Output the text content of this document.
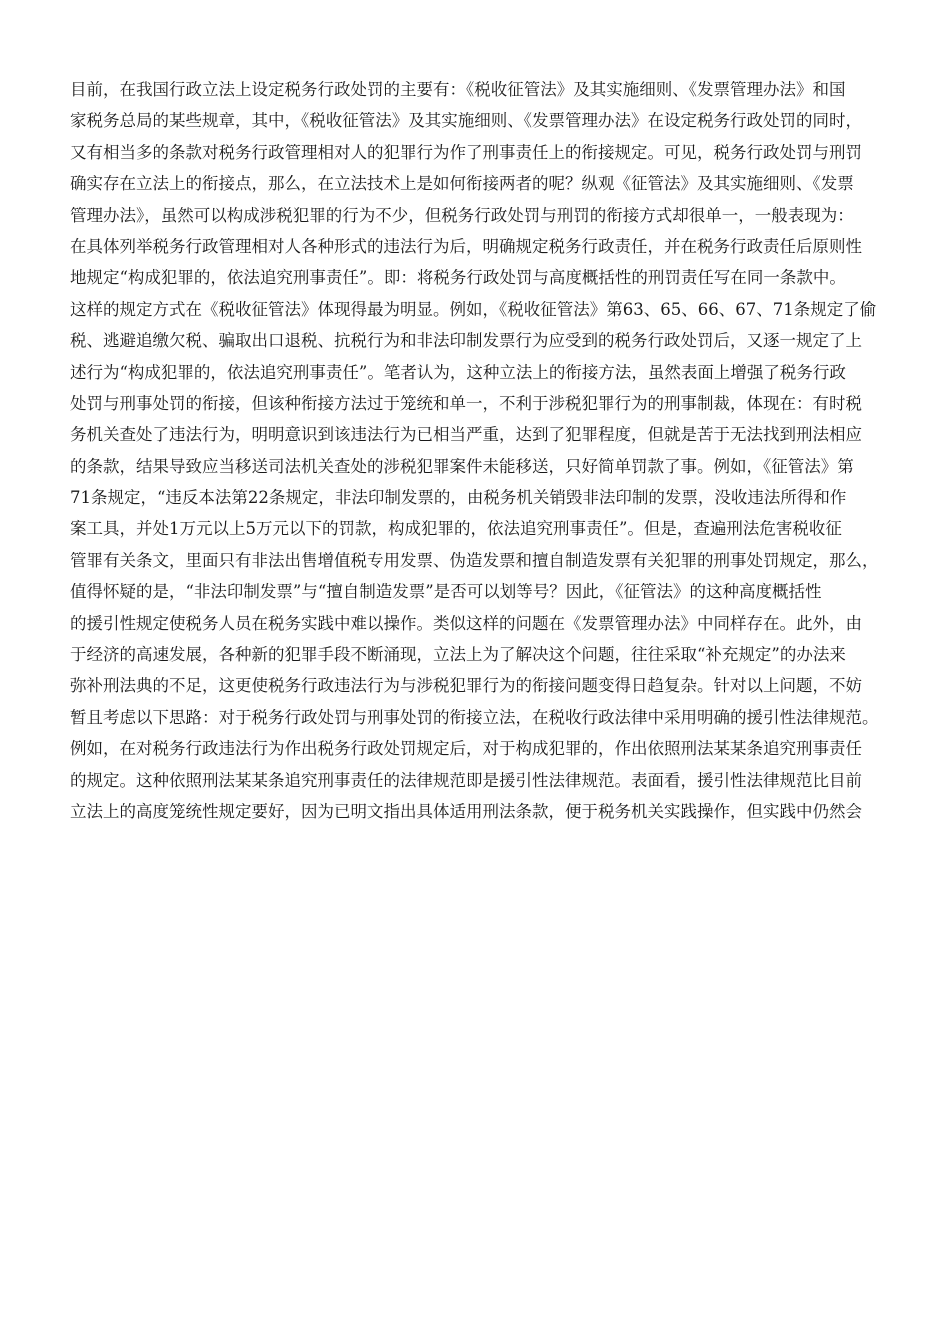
目前，在我国行政立法上设定税务行政处罚的主要有：《税收征管法》及其实施细则、《发票管理办法》和国
家税务总局的某些规章，其中，《税收征管法》及其实施细则、《发票管理办法》在设定税务行政处罚的同时，
又有相当多的条款对税务行政管理相对人的犯罪行为作了刑事责任上的衔接规定。可见，税务行政处罚与刑罚
确实存在立法上的衔接点，那么，在立法技术上是如何衔接两者的呢？纵观《征管法》及其实施细则、《发票
管理办法》，虽然可以构成涉税犯罪的行为不少，但税务行政处罚与刑罚的衔接方式却很单一，一般表现为：
在具体列举税务行政管理相对人各种形式的违法行为后，明确规定税务行政责任，并在税务行政责任后原则性
地规定“构成犯罪的，依法追究刑事责任”。即：将税务行政处罚与高度概括性的刑罚责任写在同一条款中。
这样的规定方式在《税收征管法》体现得最为明显。例如，《税收征管法》第63、65、66、67、71条规定了偷
税、逃避追缴欠税、骗取出口退税、抗税行为和非法印制发票行为应受到的税务行政处罚后，又逐一规定了上
述行为“构成犯罪的，依法追究刑事责任”。笔者认为，这种立法上的衔接方法，虽然表面上增强了税务行政
处罚与刑事处罚的衔接，但该种衔接方法过于笼统和单一，不利于涉税犯罪行为的刑事制裁，体现在：有时税
务机关查处了违法行为，明明意识到该违法行为已相当严重，达到了犯罪程度，但就是苦于无法找到刑法相应
的条款，结果导致应当移送司法机关查处的涉税犯罪案件未能移送，只好简单罚款了事。例如，《征管法》第
71条规定，“违反本法第22条规定，非法印制发票的，由税务机关销毁非法印制的发票，没收违法所得和作
案工具，并处1万元以上5万元以下的罚款，构成犯罪的，依法追究刑事责任”。但是，查遍刑法危害税收征
管罪有关条文，里面只有非法出售增值税专用发票、伪造发票和擅自制造发票有关犯罪的刑事处罚规定，那么，
值得怀疑的是，“非法印制发票”与“擅自制造发票”是否可以划等号？因此，《征管法》的这种高度概括性
的援引性规定使税务人员在税务实践中难以操作。类似这样的问题在《发票管理办法》中同样存在。此外，由
于经济的高速发展，各种新的犯罪手段不断涌现，立法上为了解决这个问题，往往采取“补充规定”的办法来
弥补刑法典的不足，这更使税务行政违法行为与涉税犯罪行为的衔接问题变得日趋复杂。针对以上问题，不妨
暂且考虑以下思路：对于税务行政处罚与刑事处罚的衔接立法，在税收行政法律中采用明确的援引性法律规范。
例如，在对税务行政违法行为作出税务行政处罚规定后，对于构成犯罪的，作出依照刑法某某条追究刑事责任
的规定。这种依照刑法某某条追究刑事责任的法律规范即是援引性法律规范。表面看，援引性法律规范比目前
立法上的高度笼统性规定要好，因为已明文指出具体适用刑法条款，便于税务机关实践操作，但实践中仍然会
